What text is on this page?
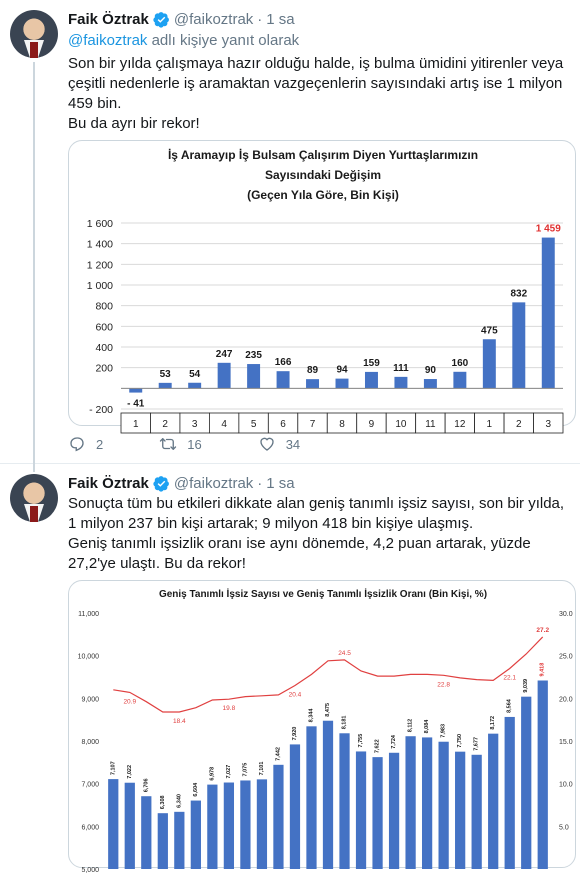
Faik Öztrak @faikoztrak · 1 sa
@faikoztrak adlı kişiye yanıt olarak

Son bir yılda çalışmaya hazır olduğu halde, iş bulma ümidini yitirenler veya çeşitli nedenlerle iş aramaktan vazgeçenlerin sayısındaki artış ise 1 milyon 459 bin.

Bu da ayrı bir rekor!

İş Aramayıp İş Bulsam Çalışırım Diyen Yurttaşlarımızın
Sayısındaki Değişim
(Geçen Yıla Göre, Bin Kişi)
1 600
1 400
1 200
1 000
800
600
400
200
- 200
1 2 3 4 5 6 7 8 9 10 11 12 1 2 3
- 41
53 54
247 235
166
89 94
159 111 90
160
475
832
1 459
2	16	34
Faik Öztrak @faikoztrak · 1 sa

Sonuçta tüm bu etkileri dikkate alan geniş tanımlı işsiz sayısı, son bir yılda, 1 milyon 237 bin kişi artarak; 9 milyon 418 bin kişiye ulaşmış.

Geniş tanımlı işsizlik oranı ise aynı dönemde, 4,2 puan artarak, yüzde 27,2'ye ulaştı. Bu da rekor!

Geniş Tanımlı İşsiz Sayısı ve Geniş Tanımlı İşsizlik Oranı (Bin Kişi, %)
11,000
10,000
9,000
8,000
7,000
6,000
5,000
30.0
25.0
20.0
15.0
10.0
5.0
7,107 7,022
6,706
6,308 6,340
6,604
6,978 7,027 7,075 7,101
7,442
7,920
8,344 8,475
8,181
7,755 7,622 7,724
8,112 8,084 7,983
7,750 7,677
8,172
8,564
9,039
9,418
20.9
18.4
19.8
20.4
24.5
22.8
22.1
27.2
